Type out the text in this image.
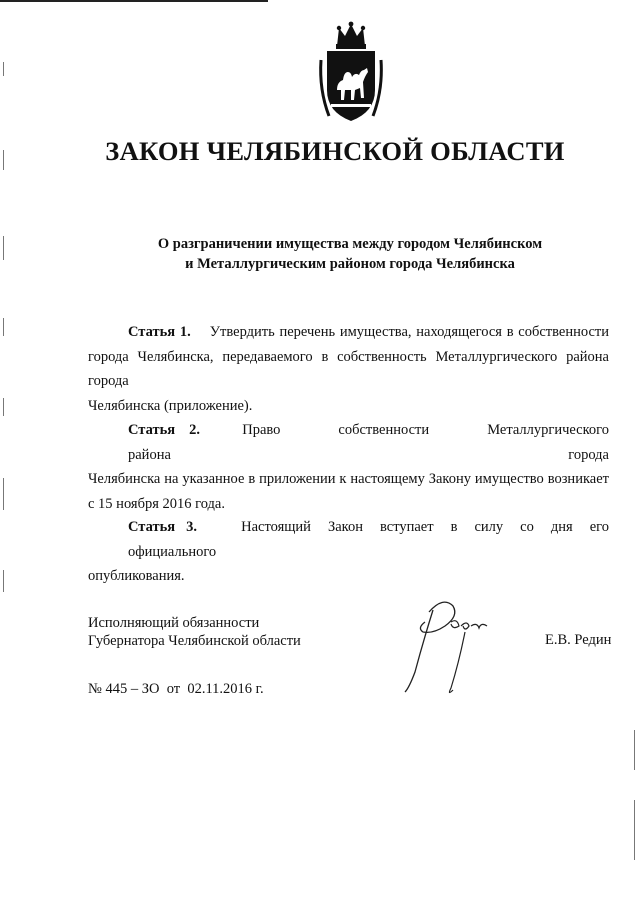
ЗАКОН ЧЕЛЯБИНСКОЙ ОБЛАСТИ
О разграничении имущества между городом Челябинском
и Металлургическим районом города Челябинска
Статья 1. Утвердить перечень имущества, находящегося в собственности
города Челябинска, передаваемого в собственность Металлургического района города
Челябинска (приложение).
Статья 2.	Право собственности Металлургического района города
Челябинска на указанное в приложении к настоящему Закону имущество возникает
с 15 ноября 2016 года.
Статья 3.	Настоящий Закон вступает в силу со дня его официального
опубликования.
Исполняющий обязанности
Губернатора Челябинской области	Е.В. Редин
№ 445 – ЗО  от  02.11.2016 г.
